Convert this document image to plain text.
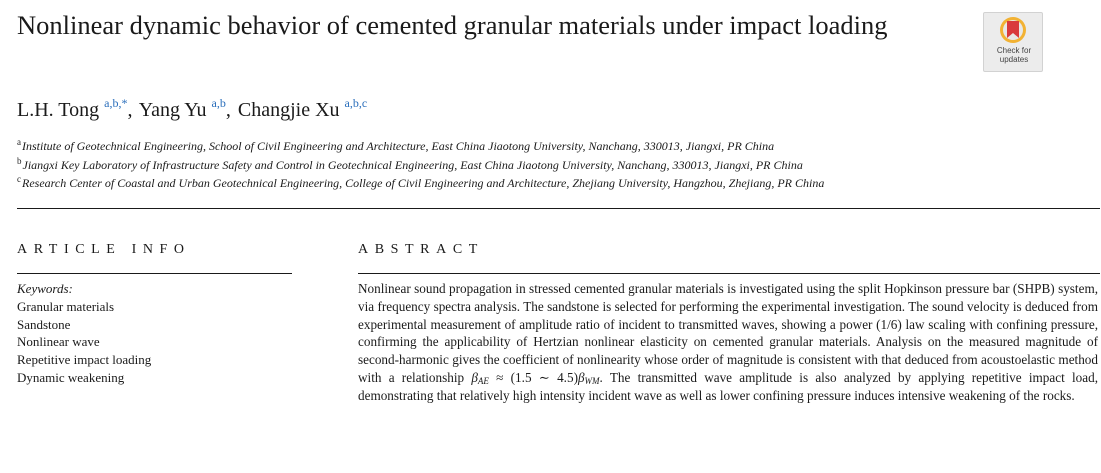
Nonlinear dynamic behavior of cemented granular materials under impact loading
Check for
updates
L.H. Tong $^{a,b,*}$, Yang Yu $^{a,b}$, Changjie Xu $^{a,b,c}$
$^a$Institute of Geotechnical Engineering, School of Civil Engineering and Architecture, East China Jiaotong University, Nanchang, 330013, Jiangxi, PR China
$^b$Jiangxi Key Laboratory of Infrastructure Safety and Control in Geotechnical Engineering, East China Jiaotong University, Nanchang, 330013, Jiangxi, PR China
$^c$Research Center of Coastal and Urban Geotechnical Engineering, College of Civil Engineering and Architecture, Zhejiang University, Hangzhou, Zhejiang, PR China
ARTICLE INFO	ABSTRACT
Keywords:
Granular materials
Sandstone
Nonlinear wave
Repetitive impact loading
Dynamic weakening

Nonlinear sound propagation in stressed cemented granular materials is investigated using the split Hopkinson pressure bar (SHPB) system, via frequency spectra analysis. The sandstone is selected for performing the experimental investigation. The sound velocity is deduced from experimental measurement of amplitude ratio of incident to transmitted waves, showing a power (1/6) law scaling with confining pressure, confirming the applicability of Hertzian nonlinear elasticity on cemented granular materials. Analysis on the measured magnitude of second-harmonic gives the coefficient of nonlinearity whose order of magnitude is consistent with that deduced from acoustoelastic method with a relationship $\beta_{AE} \approx (1.5$ ∼ $4.5)\beta_{WM}$. The transmitted wave amplitude is also analyzed by applying repetitive impact load, demonstrating that relatively high intensity incident wave as well as lower confining pressure induces intensive weakening of the rocks.
